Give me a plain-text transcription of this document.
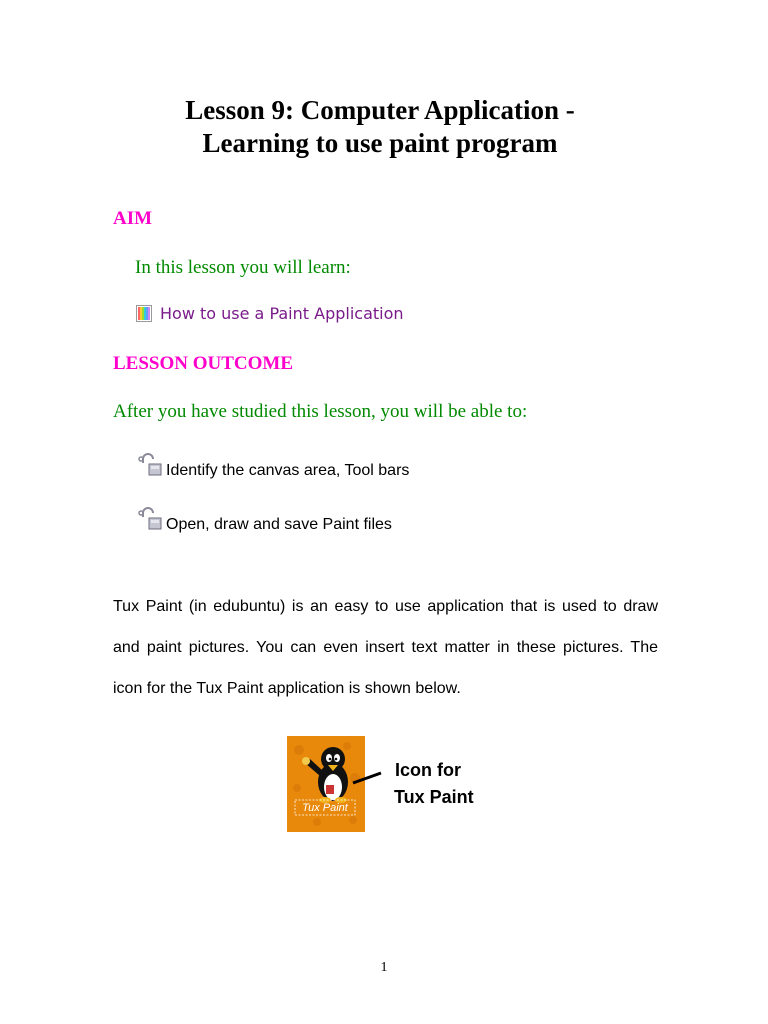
Lesson 9: Computer Application -
Learning to use paint program
AIM
In this lesson you will learn:
How to use a Paint Application
LESSON OUTCOME
After you have studied this lesson, you will be able to:
Identify the canvas area, Tool bars
Open, draw and save Paint files
Tux Paint (in edubuntu) is an easy to use application that is used to draw and paint pictures. You can even insert text matter in these pictures. The icon for the Tux Paint application is shown below.
Tux Paint
Icon for
Tux Paint
1
